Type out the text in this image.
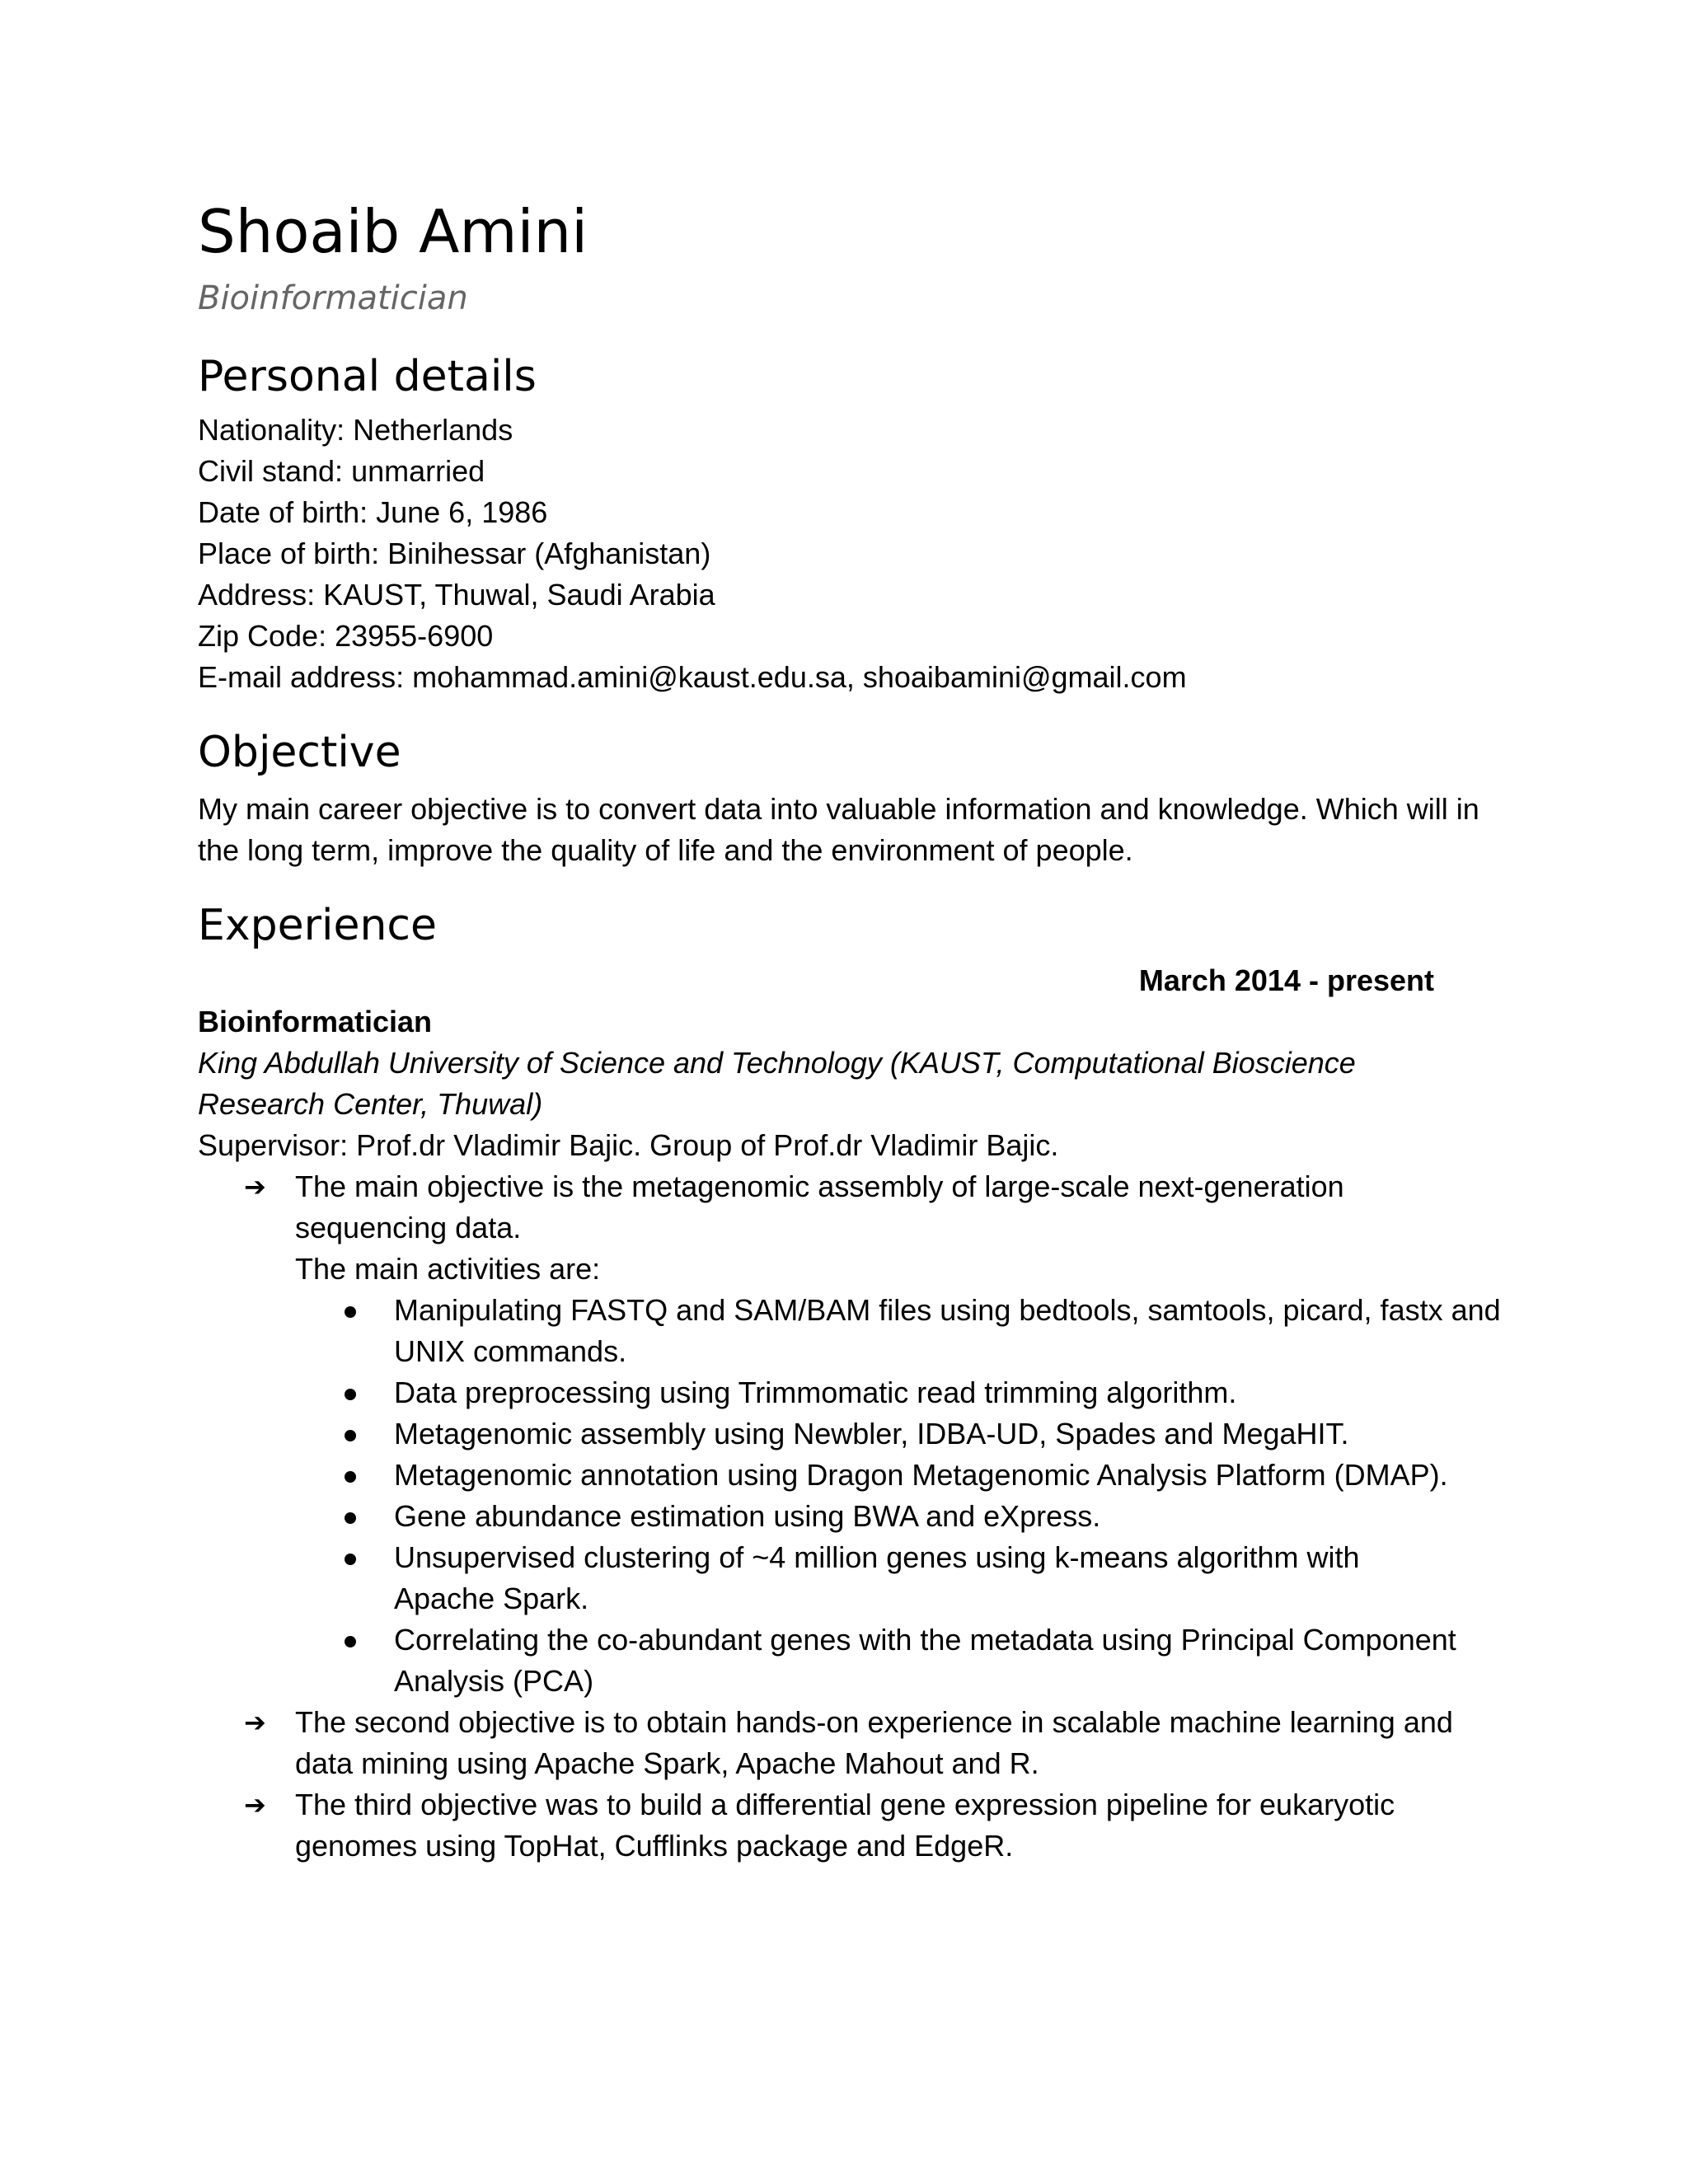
Shoaib Amini
Bioinformatician
Personal details
Nationality: Netherlands
Civil stand: unmarried
Date of birth: June 6, 1986
Place of birth: Binihessar (Afghanistan)
Address: KAUST, Thuwal, Saudi Arabia
Zip Code: 23955-6900
E-mail address: mohammad.amini@kaust.edu.sa, shoaibamini@gmail.com
Objective
My main career objective is to convert data into valuable information and knowledge. Which will in the long term, improve the quality of life and the environment of people.
Experience
March 2014 - present
Bioinformatician
King Abdullah University of Science and Technology (KAUST, Computational Bioscience Research Center, Thuwal)
Supervisor: Prof.dr Vladimir Bajic. Group of Prof.dr Vladimir Bajic.
➔ The main objective is the metagenomic assembly of large-scale next-generation sequencing data.
The main activities are:
Manipulating FASTQ and SAM/BAM files using bedtools, samtools, picard, fastx and UNIX commands.
Data preprocessing using Trimmomatic read trimming algorithm.
Metagenomic assembly using Newbler, IDBA-UD, Spades and MegaHIT.
Metagenomic annotation using Dragon Metagenomic Analysis Platform (DMAP).
Gene abundance estimation using BWA and eXpress.
Unsupervised clustering of ~4 million genes using k-means algorithm with Apache Spark.
Correlating the co-abundant genes with the metadata using Principal Component Analysis (PCA)
➔ The second objective is to obtain hands-on experience in scalable machine learning and data mining using Apache Spark, Apache Mahout and R.
➔ The third objective was to build a differential gene expression pipeline for eukaryotic genomes using TopHat, Cufflinks package and EdgeR.
